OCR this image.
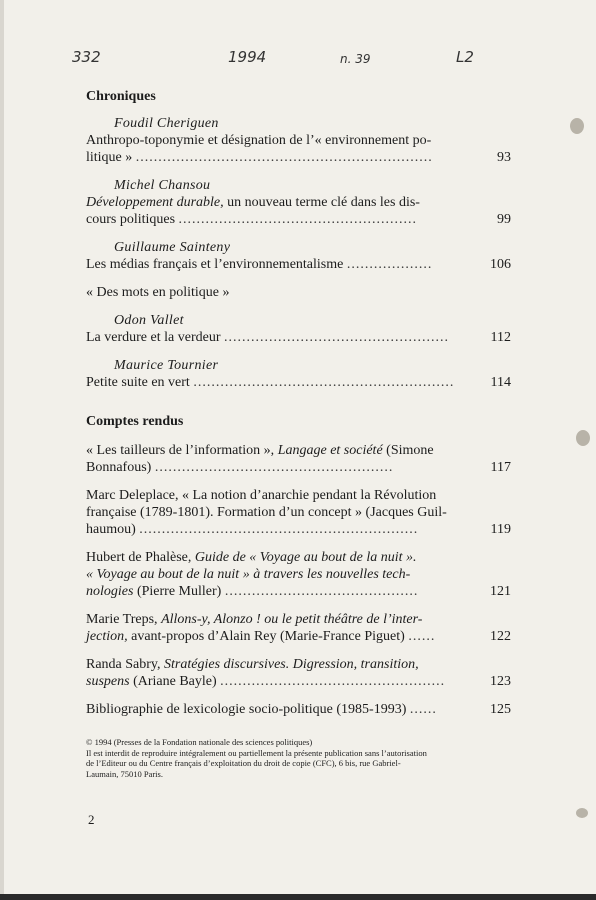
332	1994	n. 39	L2
Chroniques
Foudil Cheriguen
Anthropo-toponymie et désignation de l’« environnement po-
litique » ..................................................................	93
Michel Chansou
Développement durable, un nouveau terme clé dans les dis-
cours politiques .....................................................	99
Guillaume Sainteny
Les médias français et l’environnementalisme ...................	106
« Des mots en politique »
Odon Vallet
La verdure et la verdeur ..................................................	112
Maurice Tournier
Petite suite en vert ..........................................................	114
Comptes rendus
« Les tailleurs de l’information », Langage et société (Simone
Bonnafous) .....................................................	117
Marc Deleplace, « La notion d’anarchie pendant la Révolution
française (1789-1801). Formation d’un concept » (Jacques Guil-
haumou) ..............................................................	119
Hubert de Phalèse, Guide de « Voyage au bout de la nuit ».
« Voyage au bout de la nuit » à travers les nouvelles tech-
nologies (Pierre Muller) ...........................................	121
Marie Treps, Allons-y, Alonzo ! ou le petit théâtre de l’inter-
jection, avant-propos d’Alain Rey (Marie-France Piguet) ......	122
Randa Sabry, Stratégies discursives. Digression, transition,
suspens (Ariane Bayle) ..................................................	123
Bibliographie de lexicologie socio-politique (1985-1993) ......	125
© 1994 (Presses de la Fondation nationale des sciences politiques)
Il est interdit de reproduire intégralement ou partiellement la présente publication sans l’autorisation
de l’Editeur ou du Centre français d’exploitation du droit de copie (CFC), 6 bis, rue Gabriel-
Laumain, 75010 Paris.
2
